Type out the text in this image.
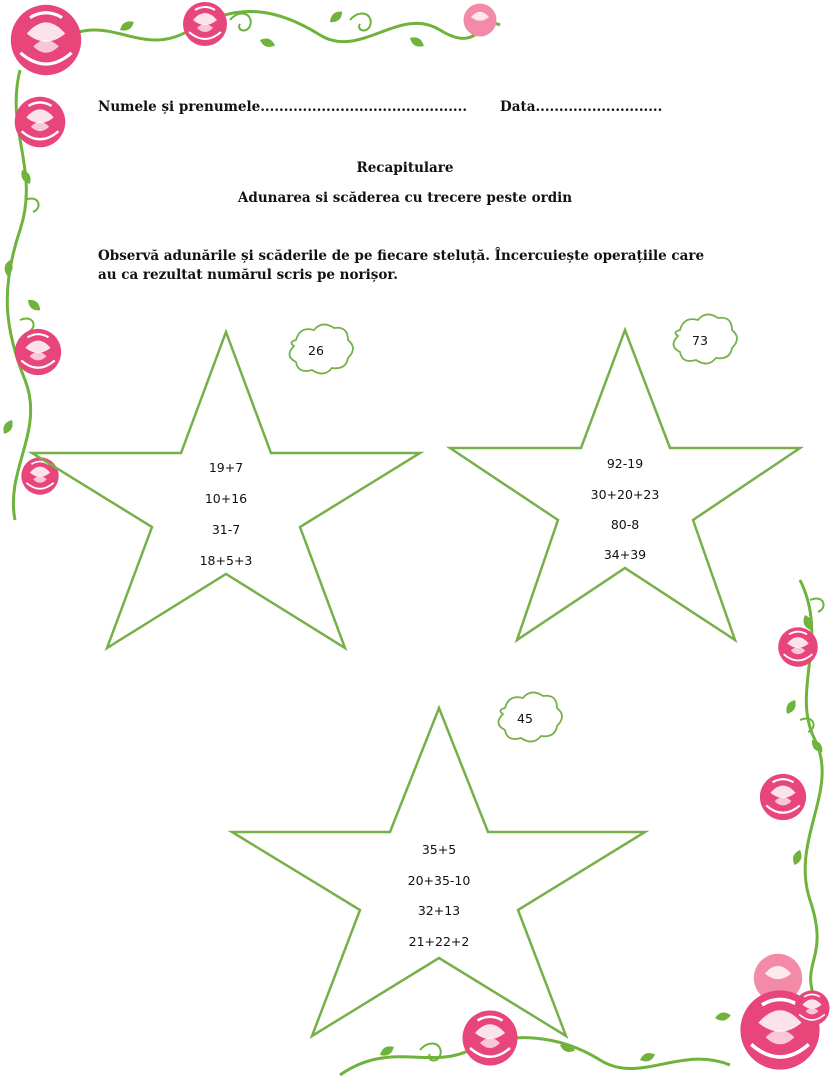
Numele și prenumele............................................ Data...........................
Recapitulare
Adunarea si scăderea cu trecere peste ordin
Observă adunările și scăderile de pe fiecare steluță. Încercuiește operațiile care au ca rezultat numărul scris pe norișor.
26
73
45
19+7
10+16
31-7
18+5+3
92-19
30+20+23
80-8
34+39
35+5
20+35-10
32+13
21+22+2
